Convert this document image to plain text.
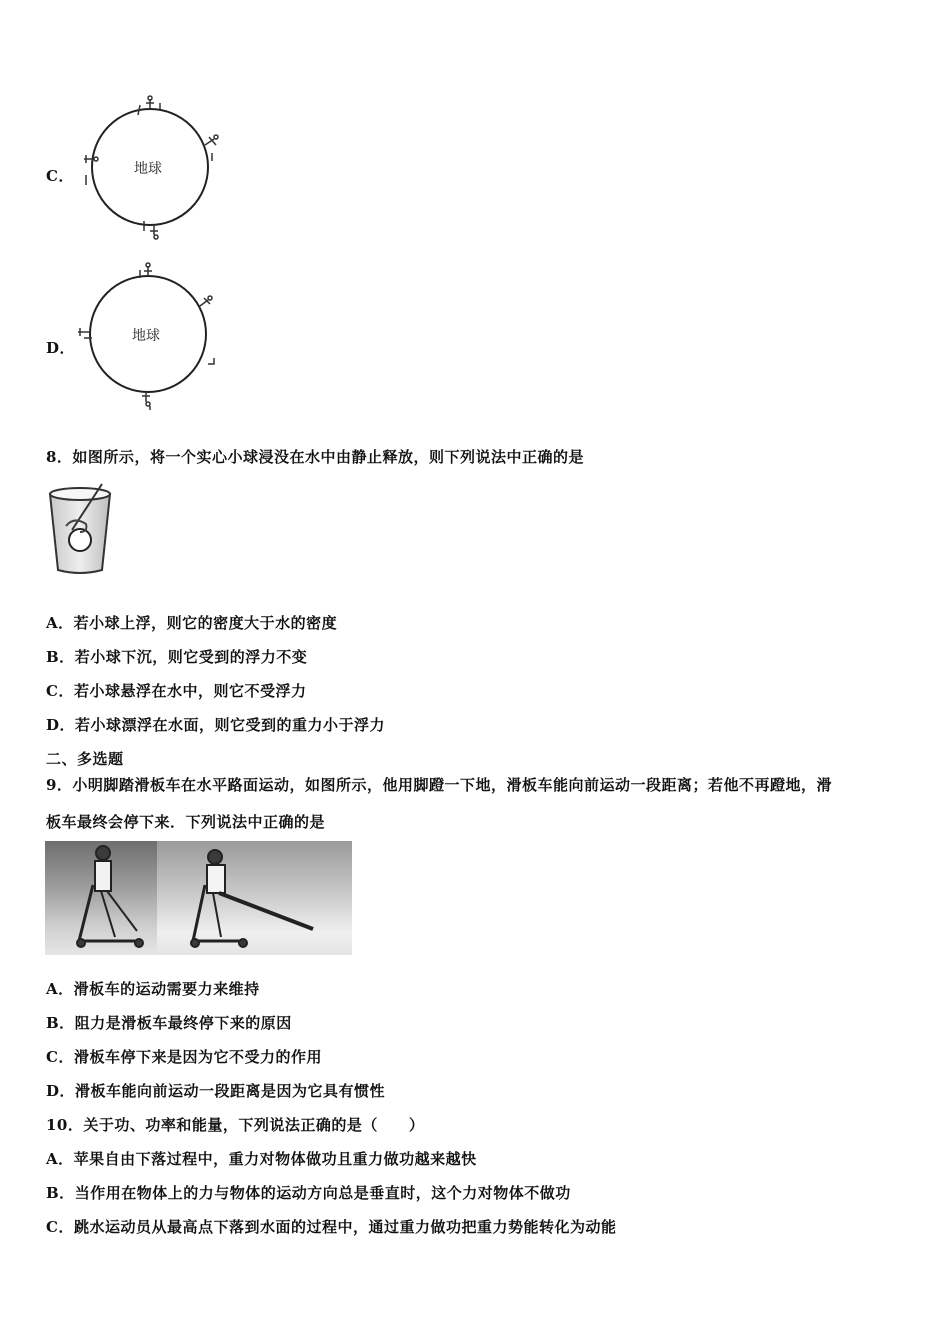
C．	地球
D．
地球
8．如图所示，将一个实心小球浸没在水中由静止释放，则下列说法中正确的是
A．若小球上浮，则它的密度大于水的密度
B．若小球下沉，则它受到的浮力不变
C．若小球悬浮在水中，则它不受浮力
D．若小球漂浮在水面，则它受到的重力小于浮力
二、多选题
9．小明脚踏滑板车在水平路面运动，如图所示，他用脚蹬一下地，滑板车能向前运动一段距离；若他不再蹬地，滑
板车最终会停下来．下列说法中正确的是
A．滑板车的运动需要力来维持
B．阻力是滑板车最终停下来的原因
C．滑板车停下来是因为它不受力的作用
D．滑板车能向前运动一段距离是因为它具有惯性
10．关于功、功率和能量，下列说法正确的是（　　）
A．苹果自由下落过程中，重力对物体做功且重力做功越来越快
B．当作用在物体上的力与物体的运动方向总是垂直时，这个力对物体不做功
C．跳水运动员从最高点下落到水面的过程中，通过重力做功把重力势能转化为动能
